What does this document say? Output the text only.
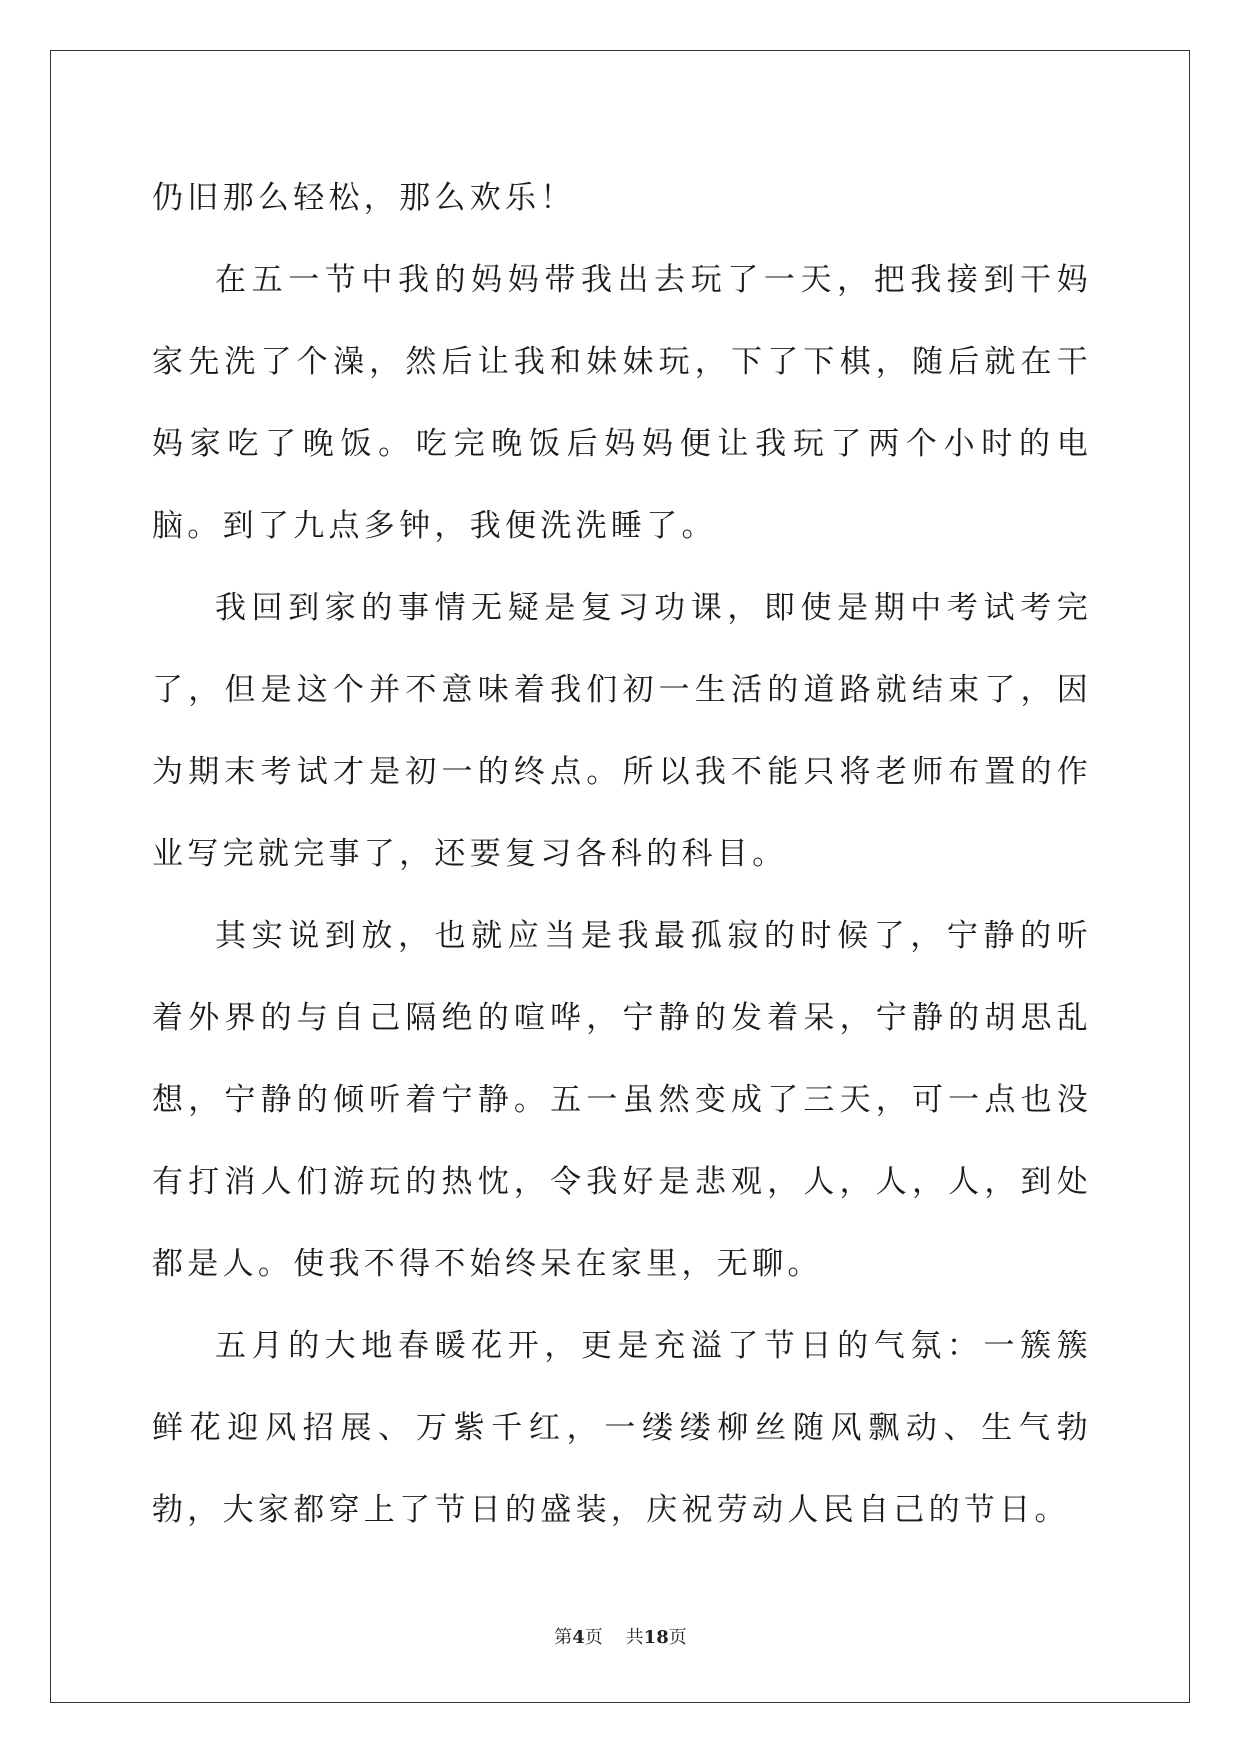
仍旧那么轻松，那么欢乐！

在五一节中我的妈妈带我出去玩了一天，把我接到干妈家先洗了个澡，然后让我和妹妹玩，下了下棋，随后就在干妈家吃了晚饭。吃完晚饭后妈妈便让我玩了两个小时的电脑。到了九点多钟，我便洗洗睡了。

我回到家的事情无疑是复习功课，即使是期中考试考完了，但是这个并不意味着我们初一生活的道路就结束了，因为期末考试才是初一的终点。所以我不能只将老师布置的作业写完就完事了，还要复习各科的科目。

其实说到放，也就应当是我最孤寂的时候了，宁静的听着外界的与自己隔绝的喧哗，宁静的发着呆，宁静的胡思乱想，宁静的倾听着宁静。五一虽然变成了三天，可一点也没有打消人们游玩的热忱，令我好是悲观，人，人，人，到处都是人。使我不得不始终呆在家里，无聊。

五月的大地春暖花开，更是充溢了节日的气氛：一簇簇鲜花迎风招展、万紫千红，一缕缕柳丝随风飘动、生气勃勃，大家都穿上了节日的盛装，庆祝劳动人民自己的节日。

第4页 共18页
